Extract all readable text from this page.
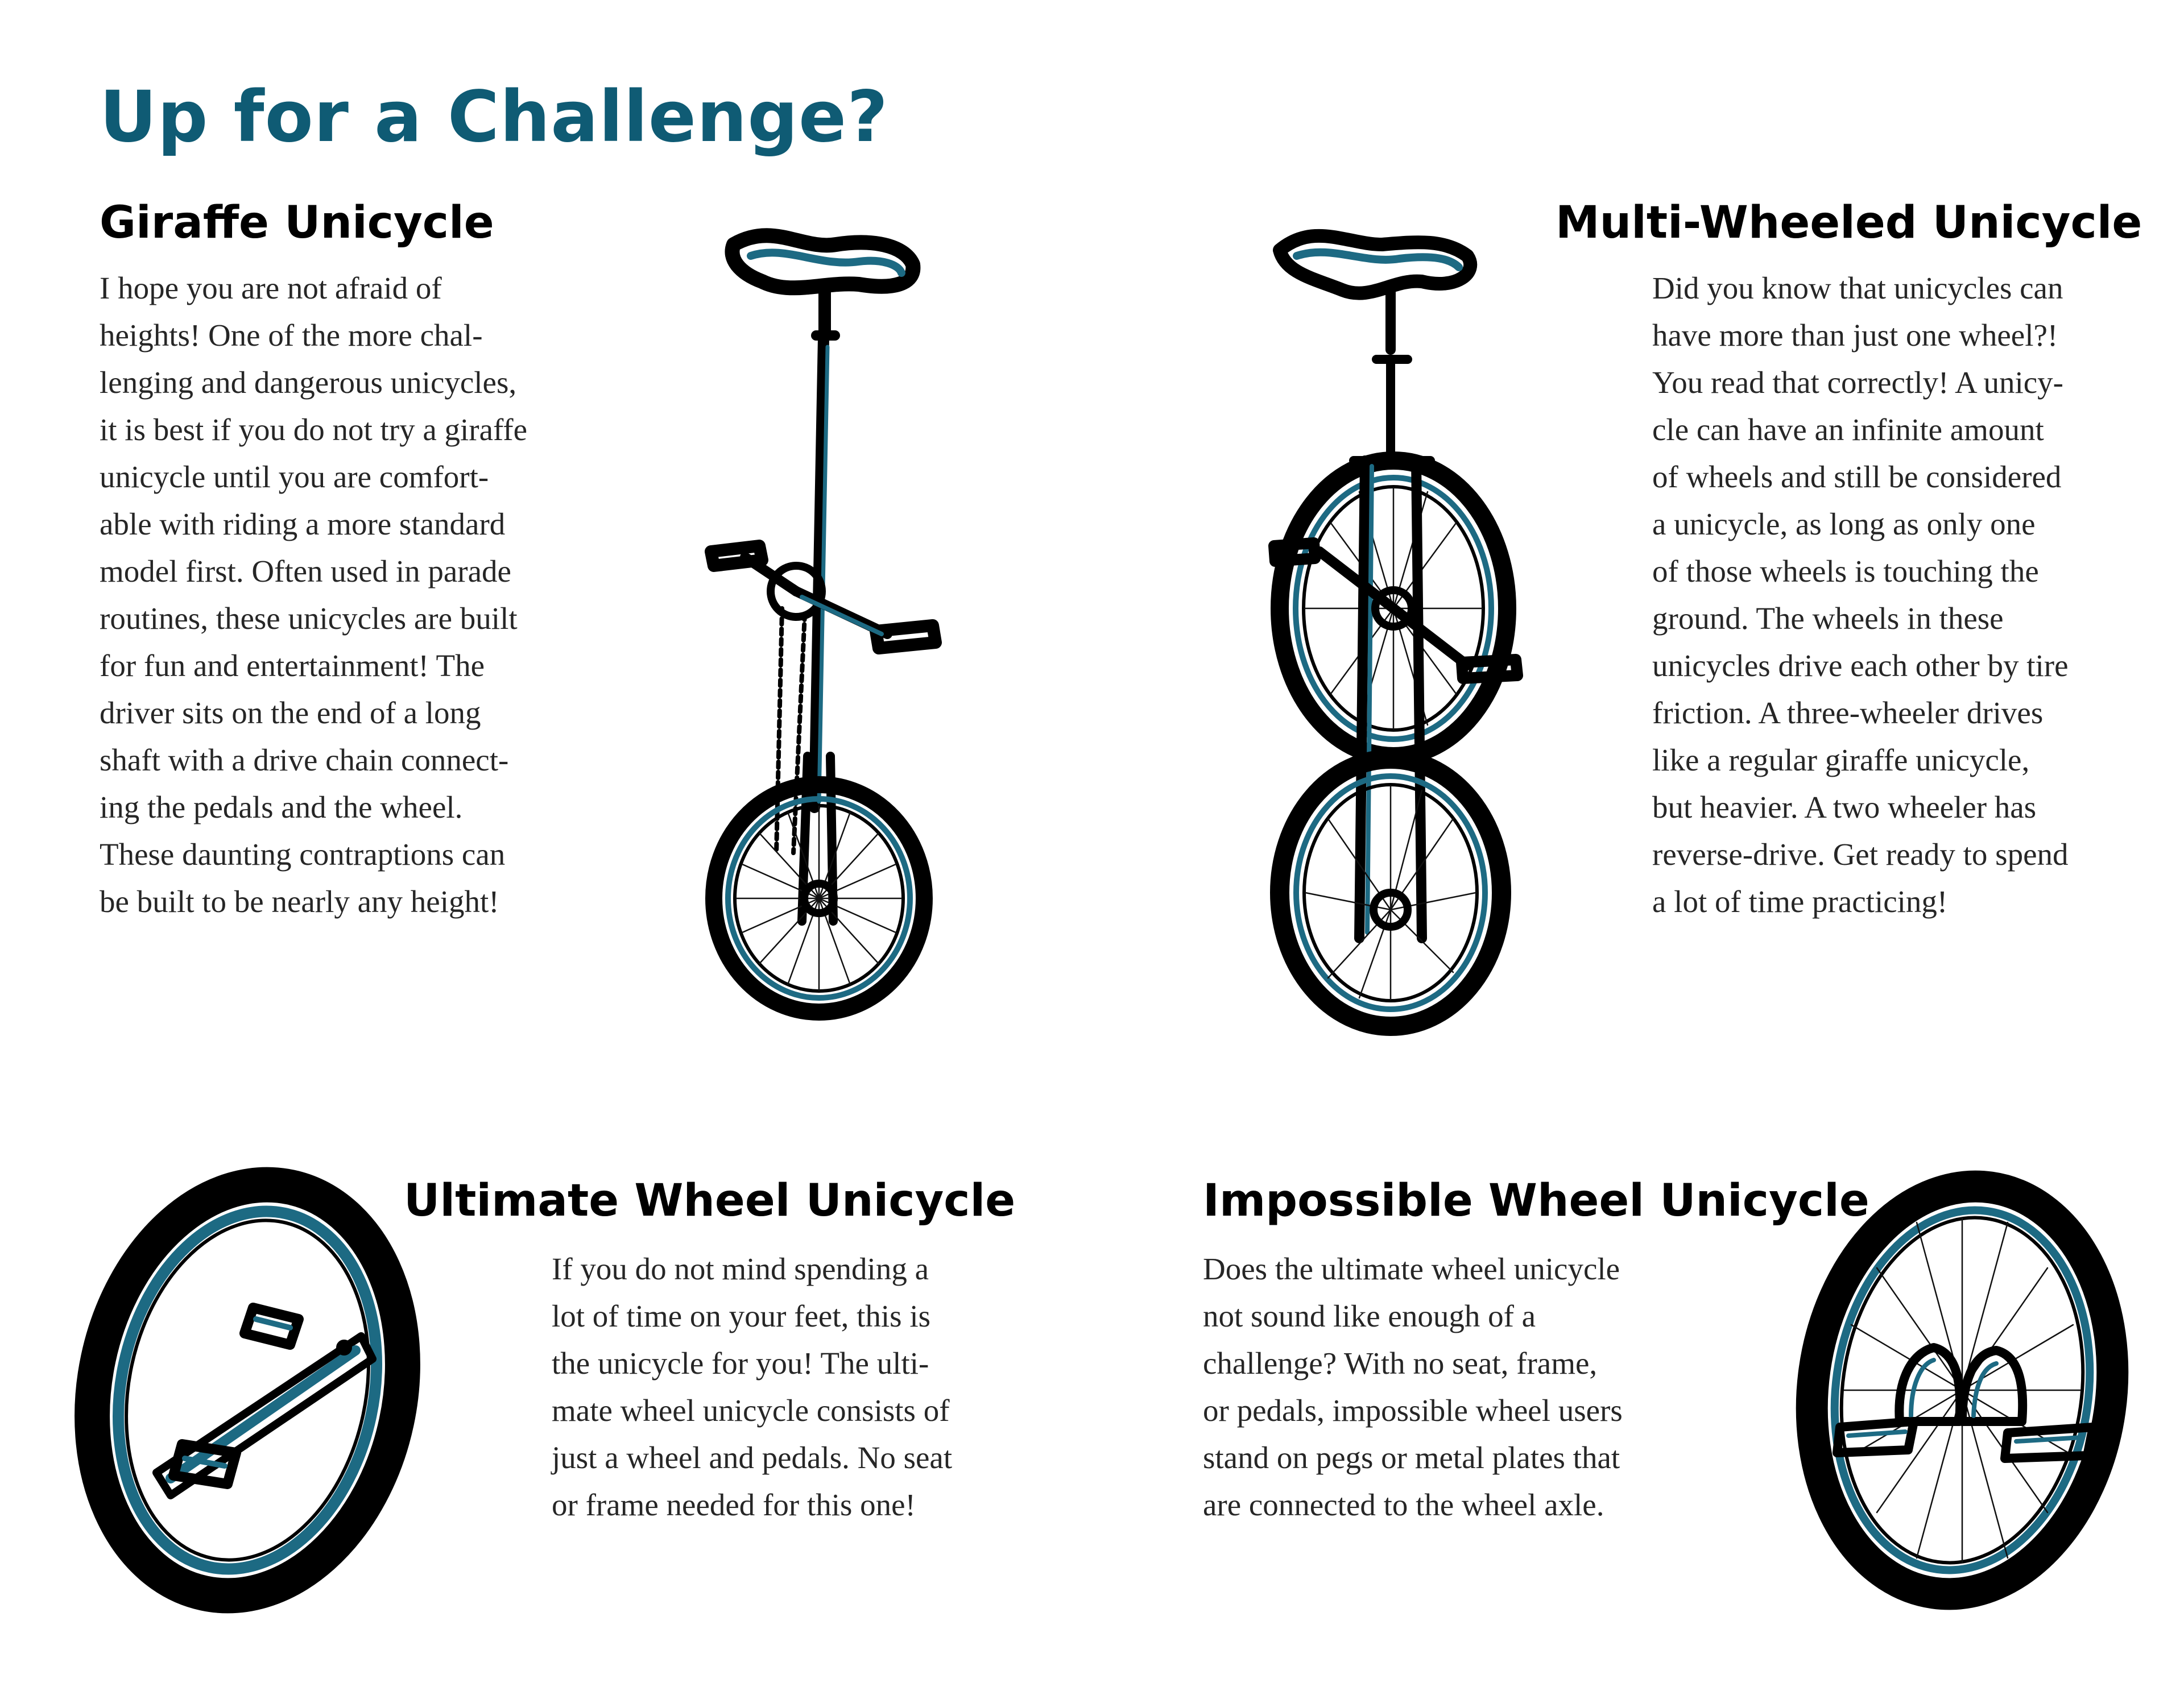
Up for a Challenge?
Giraffe Unicycle
I hope you are not afraid of
heights! One of the more chal-
lenging and dangerous unicycles,
it is best if you do not try a giraffe
unicycle until you are comfort-
able with riding a more standard
model first. Often used in parade
routines, these unicycles are built
for fun and entertainment! The
driver sits on the end of a long
shaft with a drive chain connect-
ing the pedals and the wheel.
These daunting contraptions can
be built to be nearly any height!
Multi-Wheeled Unicycle
Did you know that unicycles can
have more than just one wheel?!
You read that correctly! A unicy-
cle can have an infinite amount
of wheels and still be considered
a unicycle, as long as only one
of those wheels is touching the
ground. The wheels in these
unicycles drive each other by tire
friction. A three-wheeler drives
like a regular giraffe unicycle,
but heavier. A two wheeler has
reverse-drive. Get ready to spend
a lot of time practicing!
Ultimate Wheel Unicycle
If you do not mind spending a
lot of time on your feet, this is
the unicycle for you! The ulti-
mate wheel unicycle consists of
just a wheel and pedals. No seat
or frame needed for this one!
Impossible Wheel Unicycle
Does the ultimate wheel unicycle
not sound like enough of a
challenge? With no seat, frame,
or pedals, impossible wheel users
stand on pegs or metal plates that
are connected to the wheel axle.
